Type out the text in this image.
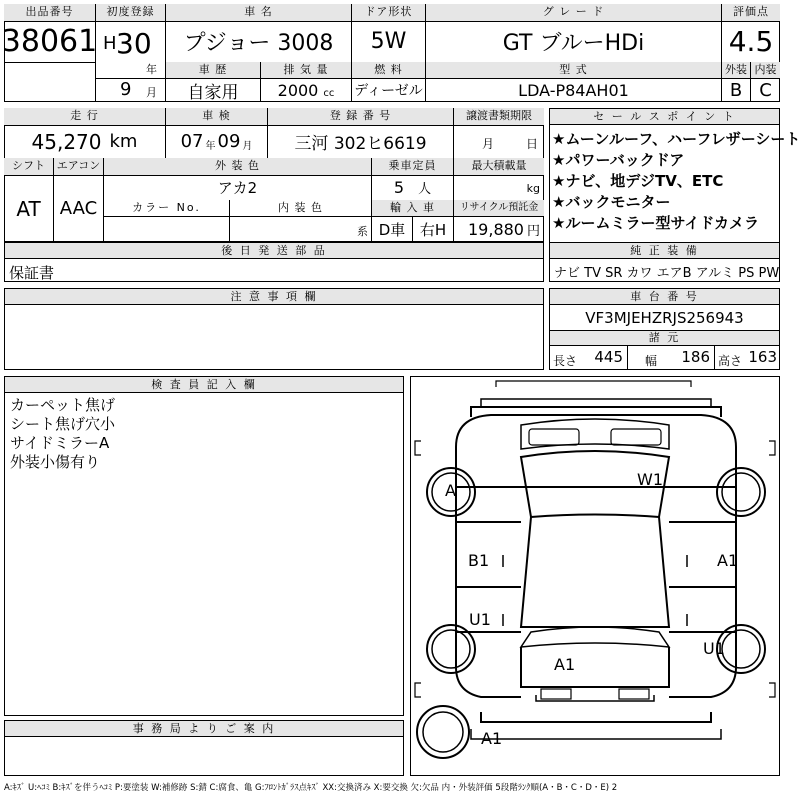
出品番号
38061
初度登録
H 30
年
9 月
車 名
プジョー 3008
車 歴
自家用
排 気 量
2000 cc
ドア形状
5W
燃 料
ディーゼル
グ レ ー ド
GT ブルーHDi
型 式
LDA-P84AH01
評価点
4.5
外装 内装
B C
走 行
45,270 km
車 検
07 年 09 月
登 録 番 号
三河 302ヒ6619
譲渡書類期限
月	日
シフト
AT
エアコン
AAC
外 装 色
アカ2
乗車定員
5 人
最大積載量
kg
カラー No.	内 装 色
系
輸 入 車
D車 右H
リサイクル預託金
19,880 円
後 日 発 送 部 品
保証書
注 意 事 項 欄
セ ー ル ス ポ イ ン ト
★ムーンルーフ、ハーフレザーシート
★パワーバックドア
★ナビ、地デジTV、ETC
★バックモニター
★ルームミラー型サイドカメラ
純 正 装 備
ナビ TV SR カワ エアB アルミ PS PW
車 台 番 号
VF3MJEHZRJS256943
諸 元
長さ 445 幅 186 高さ 163
検 査 員 記 入 欄
カーペット焦げ
シート焦げ穴小
サイドミラーA
外装小傷有り
事 務 局 よ り ご 案 内
A
W1
B1	A1
U1
U1
A1
A1
A:ｷｽﾞ U:ﾍｺﾐ B:ｷｽﾞを伴うﾍｺﾐ P:要塗装 W:補修跡 S:錆 C:腐食、亀 G:ﾌﾛﾝﾄｶﾞﾗｽ点ｷｽﾞ XX:交換済み X:要交換 欠:欠品 内・外装評価 5段階ﾗﾝｸ順(A・B・C・D・E) 2
